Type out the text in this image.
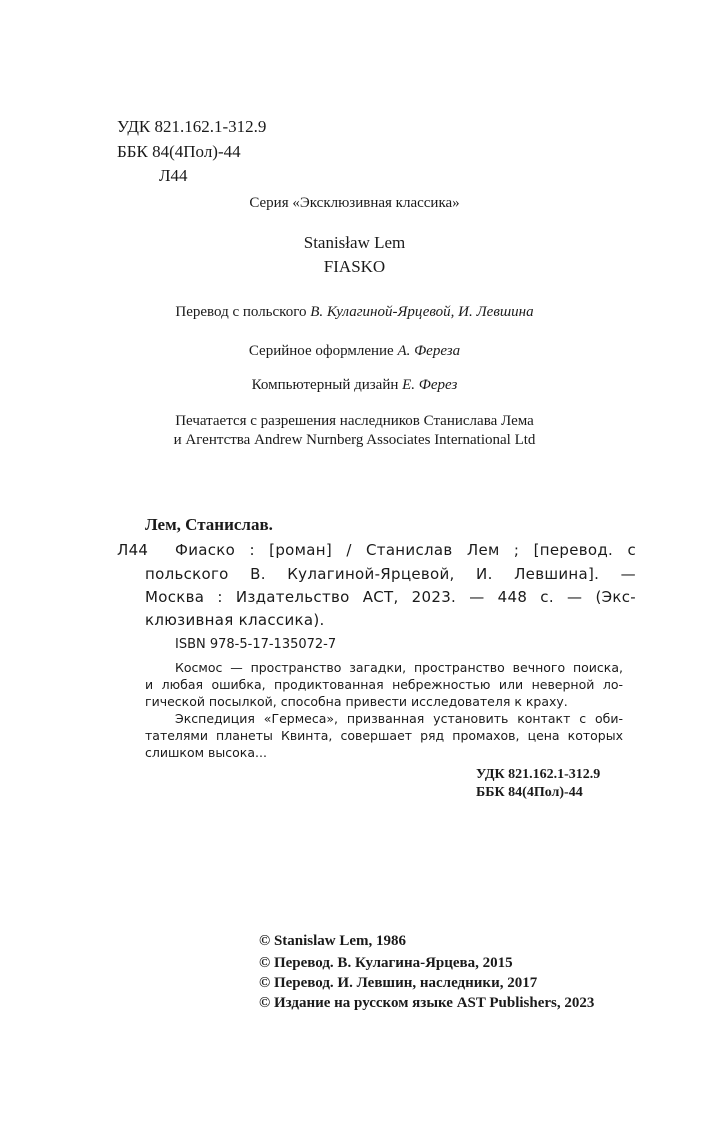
УДК 821.162.1-312.9
ББК 84(4Пол)-44
Л44
Серия «Эксклюзивная классика»
Stanisław Lem
FIASKO
Перевод с польского В. Кулагиной-Ярцевой, И. Левшина
Серийное оформление А. Фереза
Компьютерный дизайн Е. Ферез
Печатается с разрешения наследников Станислава Лема
и Агентства Andrew Nurnberg Associates International Ltd
Лем, Станислав.
Л44 Фиаско : [роман] / Станислав Лем ; [перевод. с
польского В. Кулагиной-Ярцевой, И. Левшина]. —
Москва : Издательство АСТ, 2023. — 448 с. — (Экс-
клюзивная классика).
ISBN 978-5-17-135072-7
Космос — пространство загадки, пространство вечного поиска,
и любая ошибка, продиктованная небрежностью или неверной ло-
гической посылкой, способна привести исследователя к краху.
Экспедиция «Гермеса», призванная установить контакт с оби-
тателями планеты Квинта, совершает ряд промахов, цена которых
слишком высока...
УДК 821.162.1-312.9
ББК 84(4Пол)-44
© Stanislaw Lem, 1986
© Перевод. В. Кулагина-Ярцева, 2015
© Перевод. И. Левшин, наследники, 2017
© Издание на русском языке AST Publishers, 2023
